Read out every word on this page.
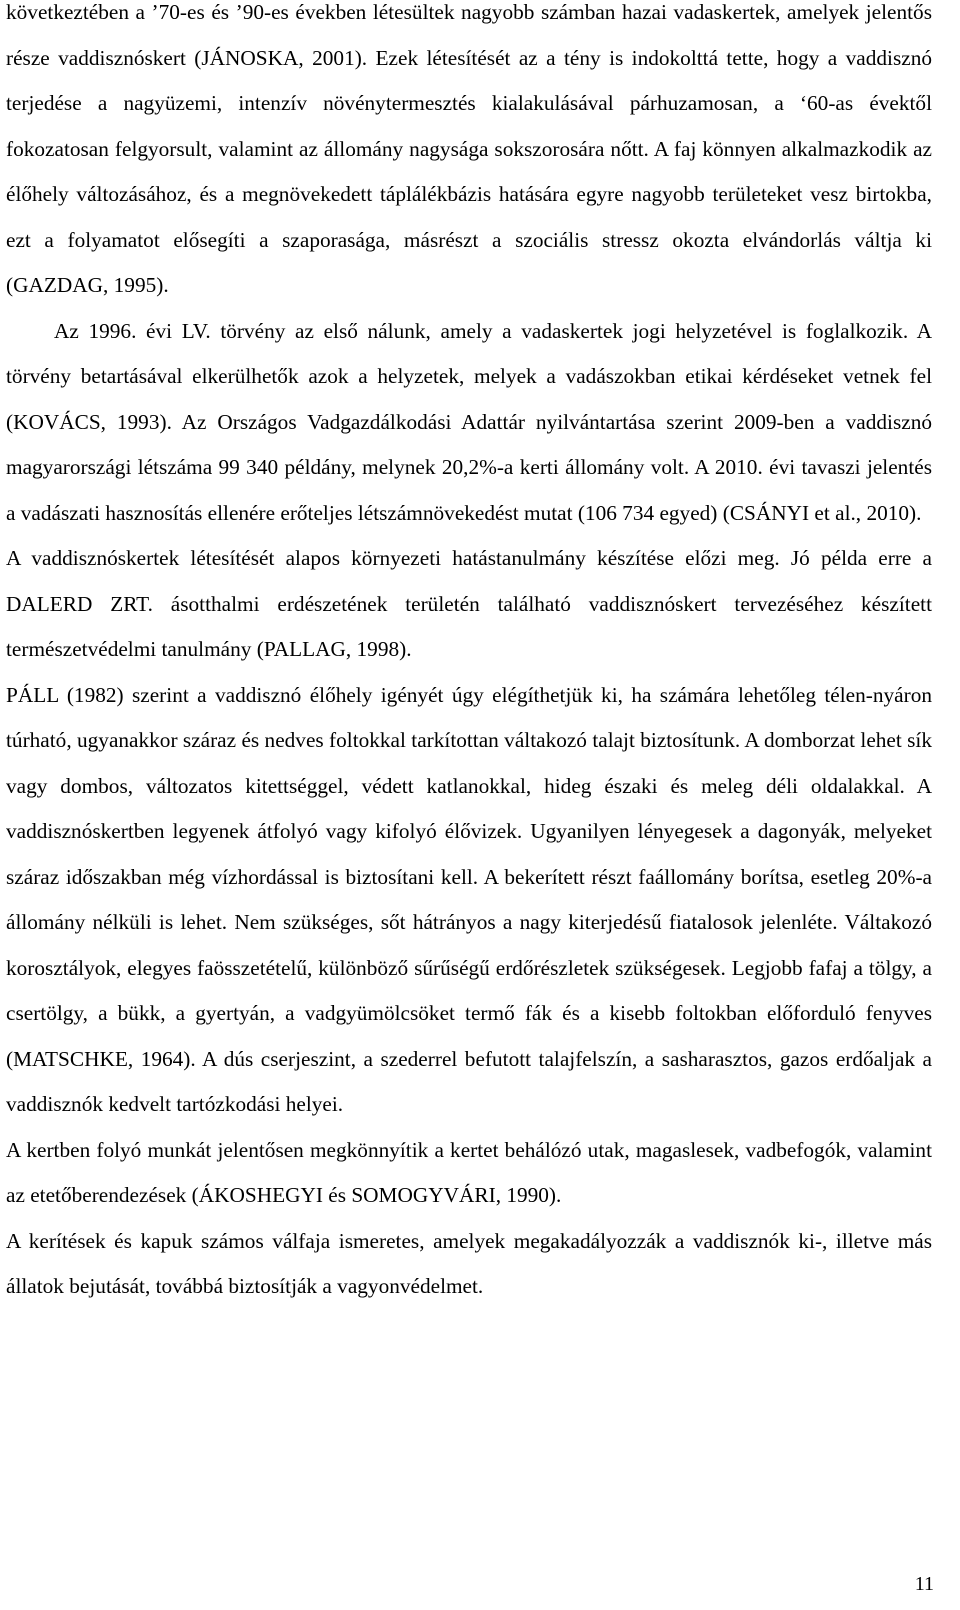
következtében a ’70-es és ’90-es években létesültek nagyobb számban hazai vadaskertek, amelyek jelentős része vaddisznóskert (JÁNOSKA, 2001). Ezek létesítését az a tény is indokolttá tette, hogy a vaddisznó terjedése a nagyüzemi, intenzív növénytermesztés kialakulásával párhuzamosan, a ‘60-as évektől fokozatosan felgyorsult, valamint az állomány nagysága sokszorosára nőtt. A faj könnyen alkalmazkodik az élőhely változásához, és a megnövekedett táplálékbázis hatására egyre nagyobb területeket vesz birtokba, ezt a folyamatot elősegíti a szaporasága, másrészt a szociális stressz okozta elvándorlás váltja ki (GAZDAG, 1995).

Az 1996. évi LV. törvény az első nálunk, amely a vadaskertek jogi helyzetével is foglalkozik. A törvény betartásával elkerülhetők azok a helyzetek, melyek a vadászokban etikai kérdéseket vetnek fel (KOVÁCS, 1993). Az Országos Vadgazdálkodási Adattár nyilvántartása szerint 2009-ben a vaddisznó magyarországi létszáma 99 340 példány, melynek 20,2%-a kerti állomány volt. A 2010. évi tavaszi jelentés a vadászati hasznosítás ellenére erőteljes létszámnövekedést mutat (106 734 egyed) (CSÁNYI et al., 2010).

A vaddisznóskertek létesítését alapos környezeti hatástanulmány készítése előzi meg. Jó példa erre a DALERD ZRT. ásotthalmi erdészetének területén található vaddisznóskert tervezéséhez készített természetvédelmi tanulmány (PALLAG, 1998).

PÁLL (1982) szerint a vaddisznó élőhely igényét úgy elégíthetjük ki, ha számára lehetőleg télen-nyáron túrható, ugyanakkor száraz és nedves foltokkal tarkítottan váltakozó talajt biztosítunk. A domborzat lehet sík vagy dombos, változatos kitettséggel, védett katlanokkal, hideg északi és meleg déli oldalakkal. A vaddisznóskertben legyenek átfolyó vagy kifolyó élővizek. Ugyanilyen lényegesek a dagonyák, melyeket száraz időszakban még vízhordással is biztosítani kell. A bekerített részt faállomány borítsa, esetleg 20%-a állomány nélküli is lehet. Nem szükséges, sőt hátrányos a nagy kiterjedésű fiatalosok jelenléte. Váltakozó korosztályok, elegyes faösszetételű, különböző sűrűségű erdőrészletek szükségesek. Legjobb fafaj a tölgy, a csertölgy, a bükk, a gyertyán, a vadgyümölcsöket termő fák és a kisebb foltokban előforduló fenyves (MATSCHKE, 1964). A dús cserjeszint, a szederrel befutott talajfelszín, a sasharasztos, gazos erdőaljak a vaddisznók kedvelt tartózkodási helyei.

A kertben folyó munkát jelentősen megkönnyítik a kertet behálózó utak, magaslesek, vadbefogók, valamint az etetőberendezések (ÁKOSHEGYI és SOMOGYVÁRI, 1990).

A kerítések és kapuk számos válfaja ismeretes, amelyek megakadályozzák a vaddisznók ki-, illetve más állatok bejutását, továbbá biztosítják a vagyonvédelmet.

11
